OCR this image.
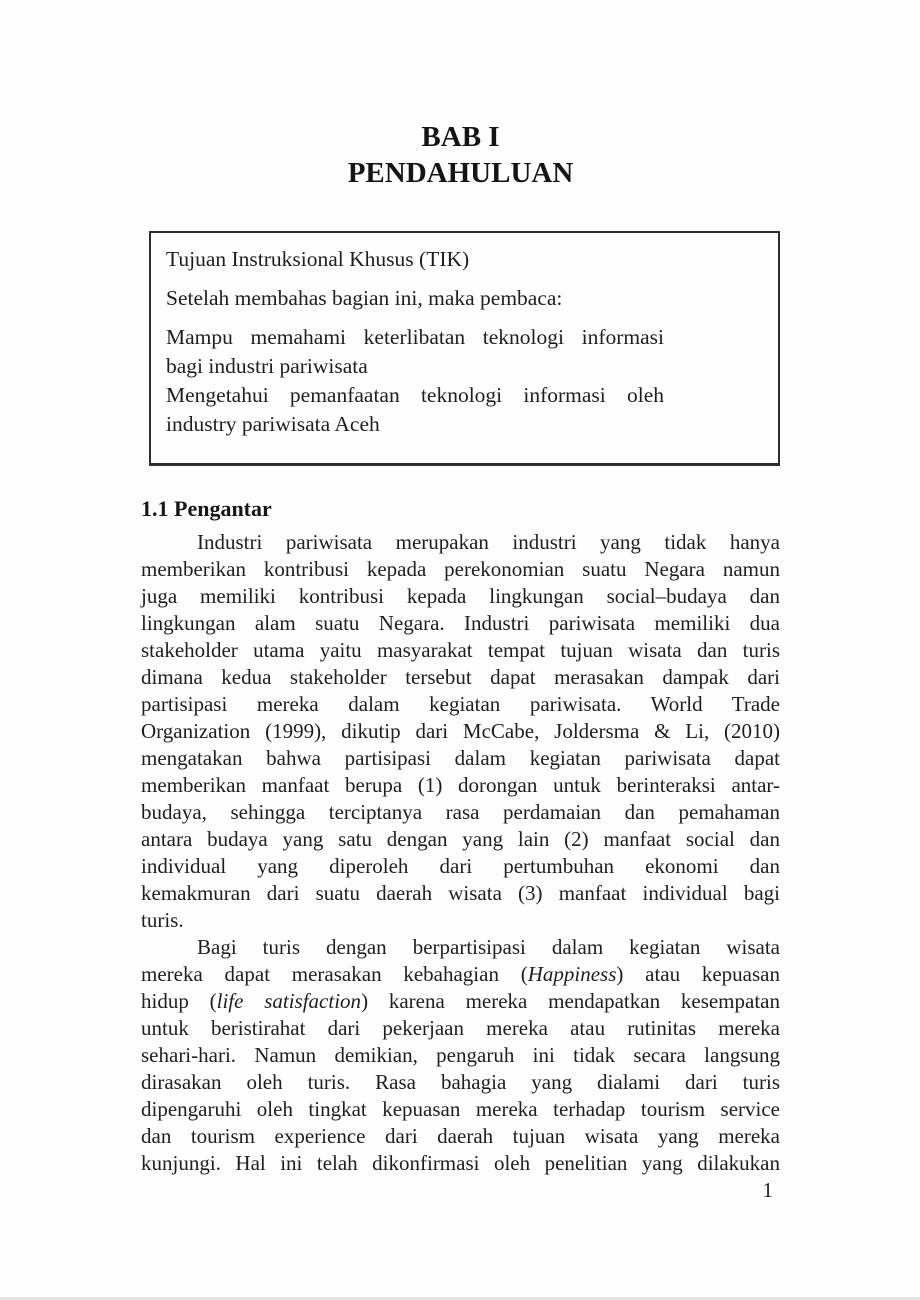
BAB I
PENDAHULUAN
Tujuan Instruksional Khusus (TIK)
Setelah membahas bagian ini, maka pembaca:
Mampu memahami keterlibatan teknologi informasi
bagi industri pariwisata
Mengetahui pemanfaatan teknologi informasi oleh
industry pariwisata Aceh
1.1 Pengantar
Industri pariwisata merupakan industri yang tidak hanya
memberikan kontribusi kepada perekonomian suatu Negara namun
juga memiliki kontribusi kepada lingkungan social–budaya dan
lingkungan alam suatu Negara. Industri pariwisata memiliki dua
stakeholder utama yaitu masyarakat tempat tujuan wisata dan turis
dimana kedua stakeholder tersebut dapat merasakan dampak dari
partisipasi mereka dalam kegiatan pariwisata. World Trade
Organization (1999), dikutip dari McCabe, Joldersma & Li, (2010)
mengatakan bahwa partisipasi dalam kegiatan pariwisata dapat
memberikan manfaat berupa (1) dorongan untuk berinteraksi antar-
budaya, sehingga terciptanya rasa perdamaian dan pemahaman
antara budaya yang satu dengan yang lain (2) manfaat social dan
individual yang diperoleh dari pertumbuhan ekonomi dan
kemakmuran dari suatu daerah wisata (3) manfaat individual bagi
turis.
Bagi turis dengan berpartisipasi dalam kegiatan wisata
mereka dapat merasakan kebahagian (Happiness) atau kepuasan
hidup (life satisfaction) karena mereka mendapatkan kesempatan
untuk beristirahat dari pekerjaan mereka atau rutinitas mereka
sehari-hari. Namun demikian, pengaruh ini tidak secara langsung
dirasakan oleh turis. Rasa bahagia yang dialami dari turis
dipengaruhi oleh tingkat kepuasan mereka terhadap tourism service
dan tourism experience dari daerah tujuan wisata yang mereka
kunjungi. Hal ini telah dikonfirmasi oleh penelitian yang dilakukan
1
